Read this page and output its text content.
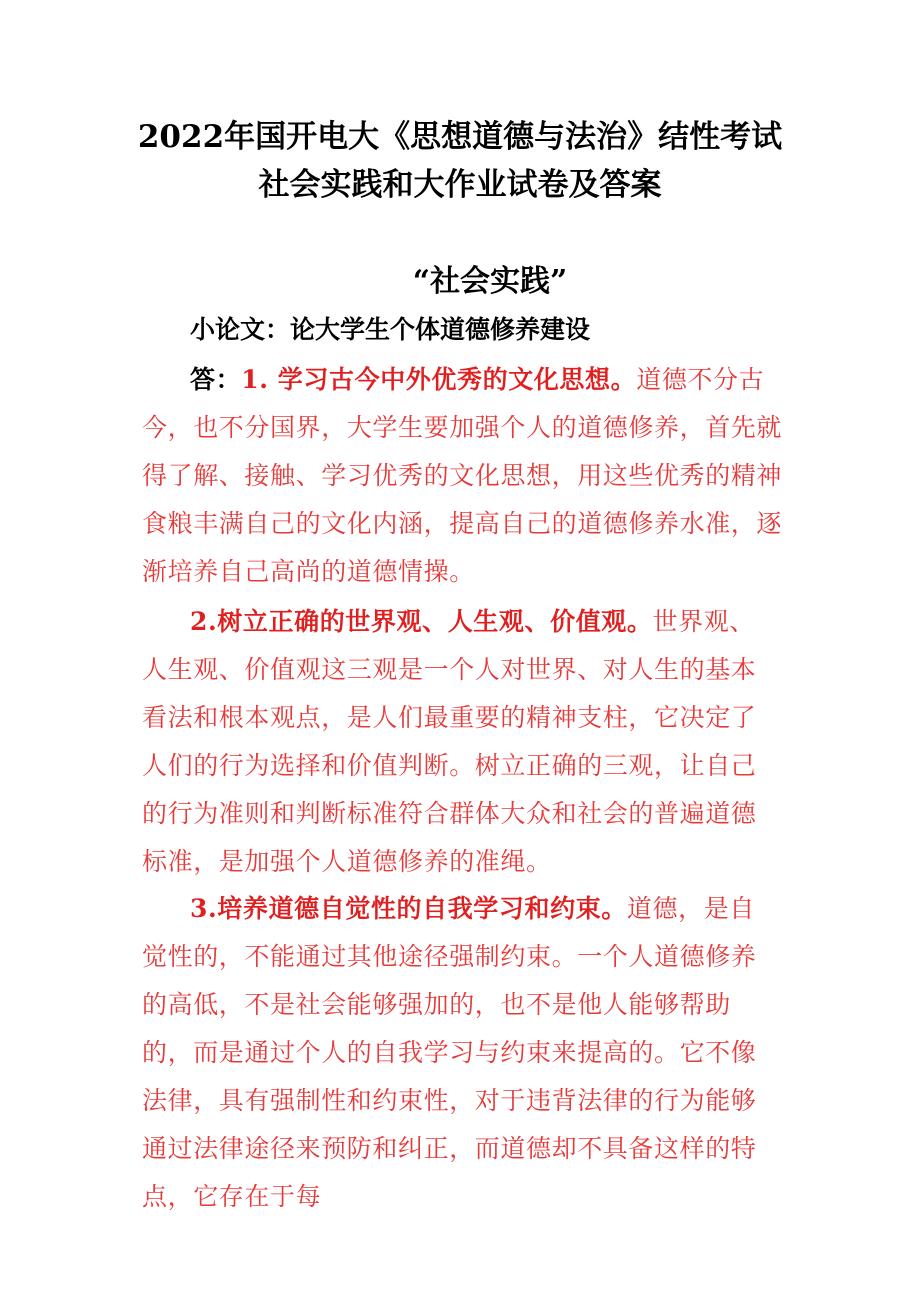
2022年国开电大《思想道德与法治》结性考试
社会实践和大作业试卷及答案
“社会实践”
小论文：论大学生个体道德修养建设
答：1. 学习古今中外优秀的文化思想。道德不分古今，也不分国界，大学生要加强个人的道德修养，首先就得了解、接触、学习优秀的文化思想，用这些优秀的精神食粮丰满自己的文化内涵，提高自己的道德修养水准，逐渐培养自己高尚的道德情操。
2.树立正确的世界观、人生观、价值观。世界观、人生观、价值观这三观是一个人对世界、对人生的基本看法和根本观点，是人们最重要的精神支柱，它决定了人们的行为选择和价值判断。树立正确的三观，让自己的行为准则和判断标准符合群体大众和社会的普遍道德标准，是加强个人道德修养的准绳。
3.培养道德自觉性的自我学习和约束。道德，是自觉性的，不能通过其他途径强制约束。一个人道德修养的高低，不是社会能够强加的，也不是他人能够帮助的，而是通过个人的自我学习与约束来提高的。它不像法律，具有强制性和约束性，对于违背法律的行为能够通过法律途径来预防和纠正，而道德却不具备这样的特点，它存在于每
